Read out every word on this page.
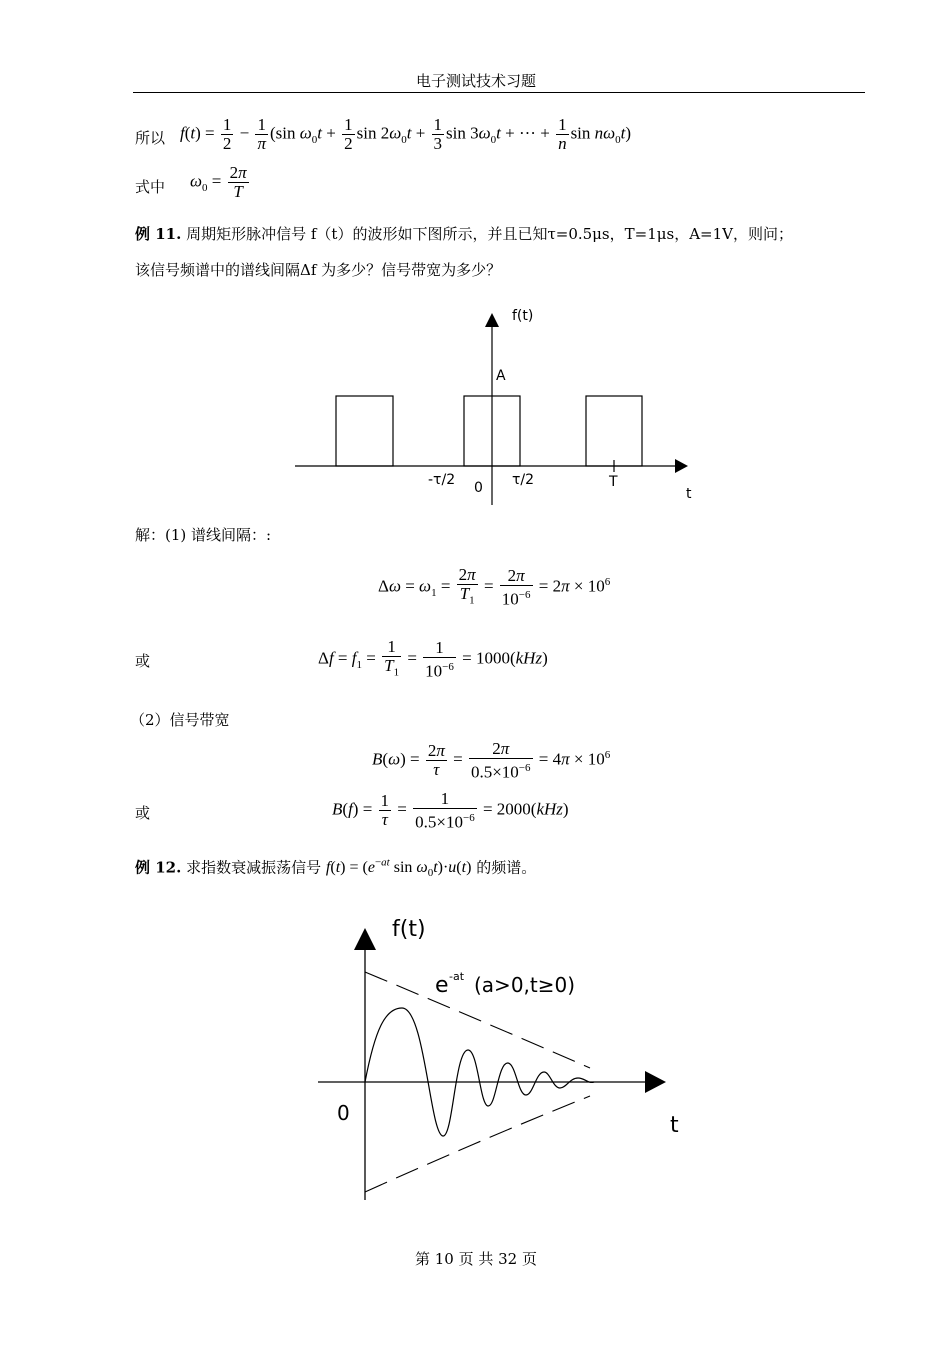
电子测试技术习题
所以 $f(t) = \frac{1}{2} - \frac{1}{\pi} (\sin$ $\omega_0t + \frac{1}{2}$ $\sin 2\omega_0t + \frac{1}{3}$ $\sin 3\omega_0t$ + ··· + $\frac{1}{n}$ $\sin n\omega_0t$)
式中 $\omega_0 = \frac{2\pi}{T}$
例 11. 周期矩形脉冲信号 f（t）的波形如下图所示，并且已知τ=0.5μs，T=1μs，A=1V，则问；
该信号频谱中的谱线间隔Δf 为多少？信号带宽为多少？
f(t)
A
-τ/2 0 τ/2	T
t
解：(1) 谱线间隔：:
$\Delta\omega = \omega_1 = \frac{2\pi}{T_1} = \frac{2\pi}{10^{-6}} = 2\pi \times 10^6$
或	$\Delta f = f_1 = \frac{1}{T_1} = \frac{1}{10^{-6}} = 1000(kHz)$
（2）信号带宽
$B(\omega) = \frac{2\pi}{\tau} = \frac{2\pi}{0.5\times 10^{-6}} = 4\pi \times 10^6$
或	$B(f) = \frac{1}{\tau} = \frac{1}{0.5\times 10^{-6}} = 2000(kHz)$
例 12. 求指数衰减振荡信号 $f(t) = (e^{-at}$ $\sin \omega_0t)\cdot u(t)$ 的频谱。
f(t)
e -at (a>0,t≥0)
0	t
第 10 页 共 32 页
